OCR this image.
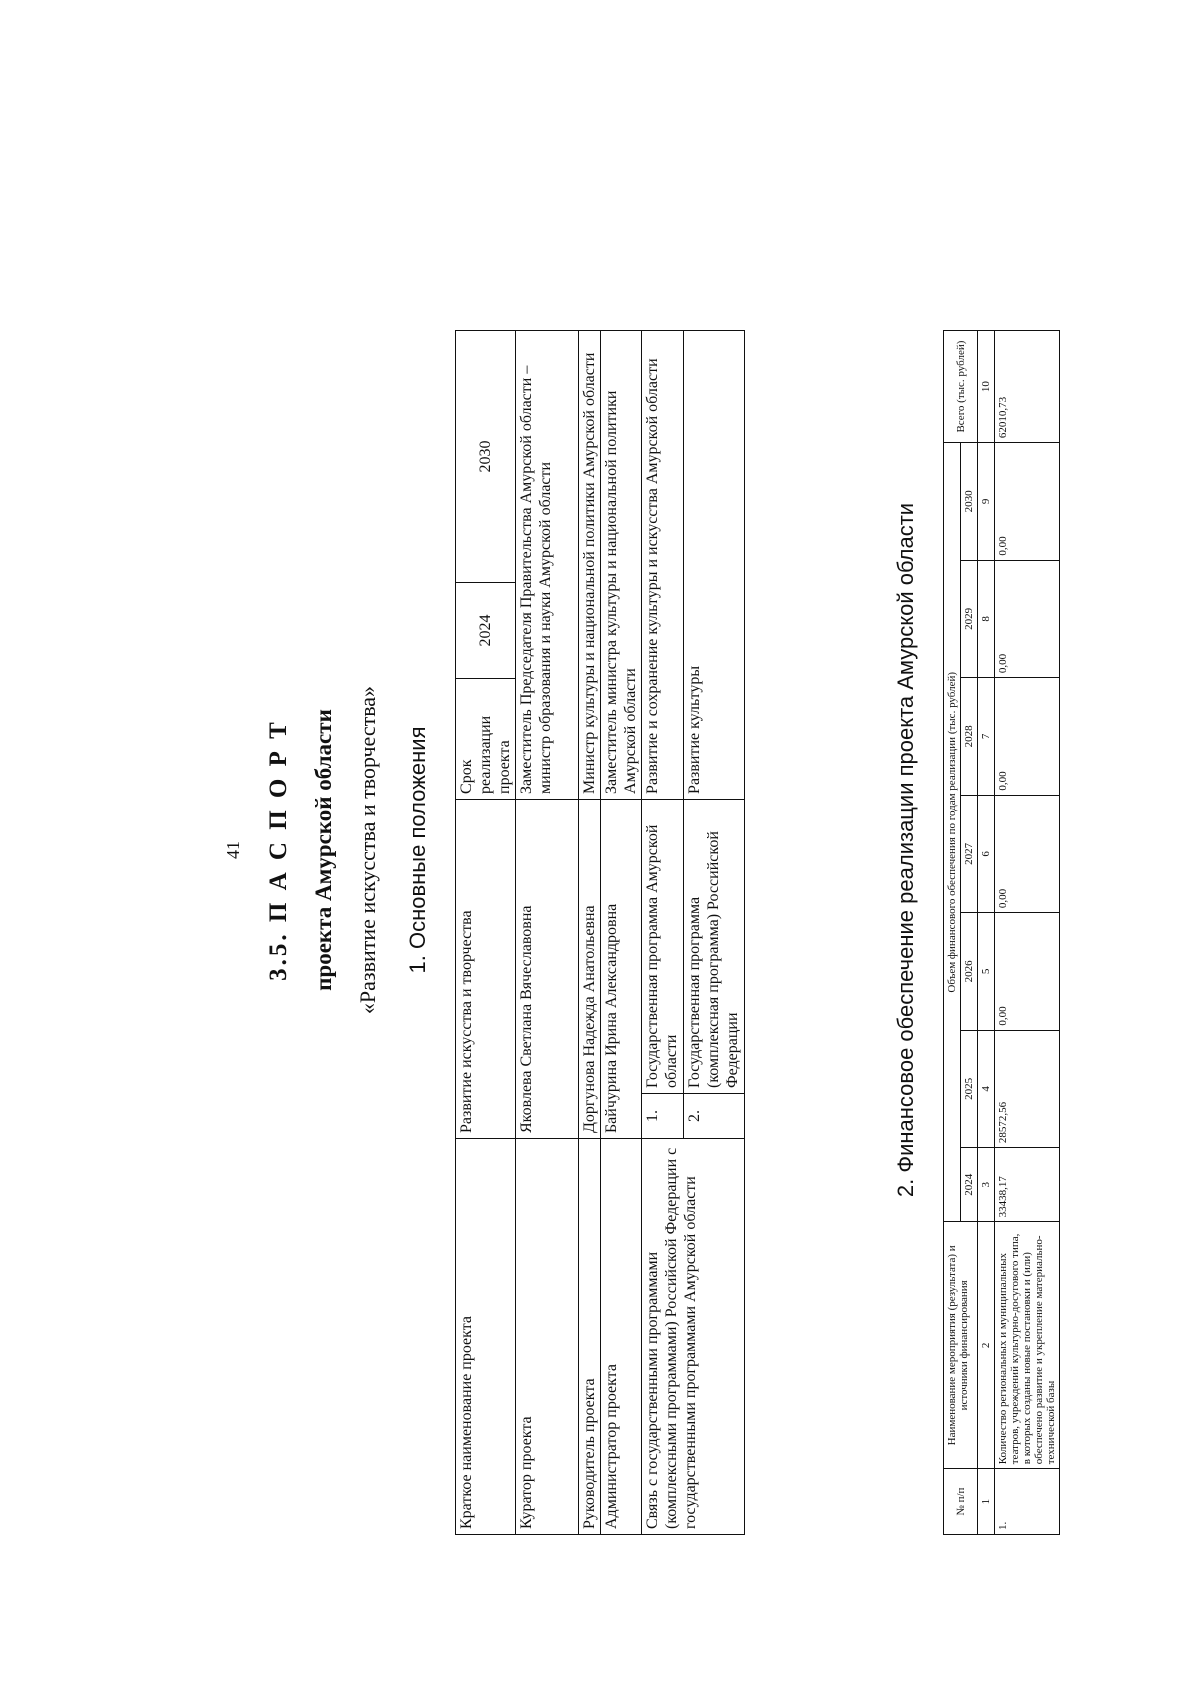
41 3.5. П А С П О Р Т проекта Амурской области «Развитие искусства и творчества» 1. Основные положения
Краткое наименование проекта	Развитие искусства и творчества		Срок реализации проекта	2024	2030
Куратор проекта	Яковлева Светлана Вячеславовна		Заместитель Председателя Правительства Амурской области – министр образования и науки Амурской области		
Руководитель проекта	Доргунова Надежда Анатольевна		Министр культуры и национальной политики Амурской области		
Администратор проекта	Байчурина Ирина Александровна		Заместитель министра культуры и национальной политики Амурской области		
Связь с государственными программами (комплексными программами) Российской Федерации с государственными программами Амурской области	1.	Государственная программа Амурской области	Развитие и сохранение культуры и искусства Амурской области		
	2.	Государственная программа (комплексная программа) Российской Федерации	Развитие культуры			2. Финансовое обеспечение реализации проекта Амурской области
№ п/п	Наименование мероприятия (результата) и источники финансирования	Объем финансового обеспечения по годам реализации (тыс. рублей)							Всего (тыс. рублей)
		2024	2025	2026	2027	2028	2029	2030	
1	2	3	4	5	6	7	8	9	10
1.	Количество региональных и муниципальных театров, учреждений культурно-досугового типа, в которых созданы новые постановки и (или) обеспечено развитие и укрепление материально-технической базы	33438,17	28572,56	0,00	0,00	0,00	0,00	0,00	62010,73
